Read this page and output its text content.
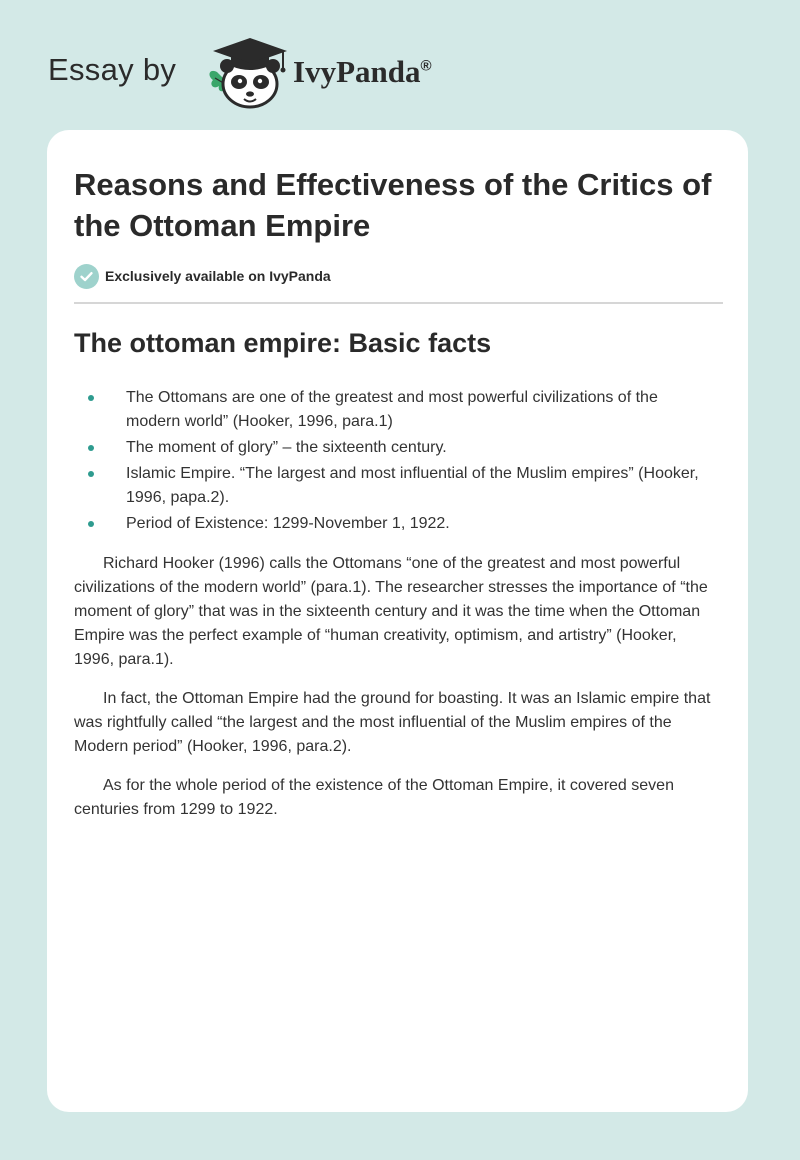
Essay by	IvyPanda®
Reasons and Effectiveness of the Critics of the Ottoman Empire
Exclusively available on IvyPanda
The ottoman empire: Basic facts
The Ottomans are one of the greatest and most powerful civilizations of the modern world” (Hooker, 1996, para.1)
The moment of glory” – the sixteenth century.
Islamic Empire. “The largest and most influential of the Muslim empires” (Hooker, 1996, papa.2).
Period of Existence: 1299-November 1, 1922.

Richard Hooker (1996) calls the Ottomans “one of the greatest and most powerful civilizations of the modern world” (para.1). The researcher stresses the importance of “the moment of glory” that was in the sixteenth century and it was the time when the Ottoman Empire was the perfect example of “human creativity, optimism, and artistry” (Hooker, 1996, para.1).

In fact, the Ottoman Empire had the ground for boasting. It was an Islamic empire that was rightfully called “the largest and the most influential of the Muslim empires of the Modern period” (Hooker, 1996, para.2).

As for the whole period of the existence of the Ottoman Empire, it covered seven centuries from 1299 to 1922.
